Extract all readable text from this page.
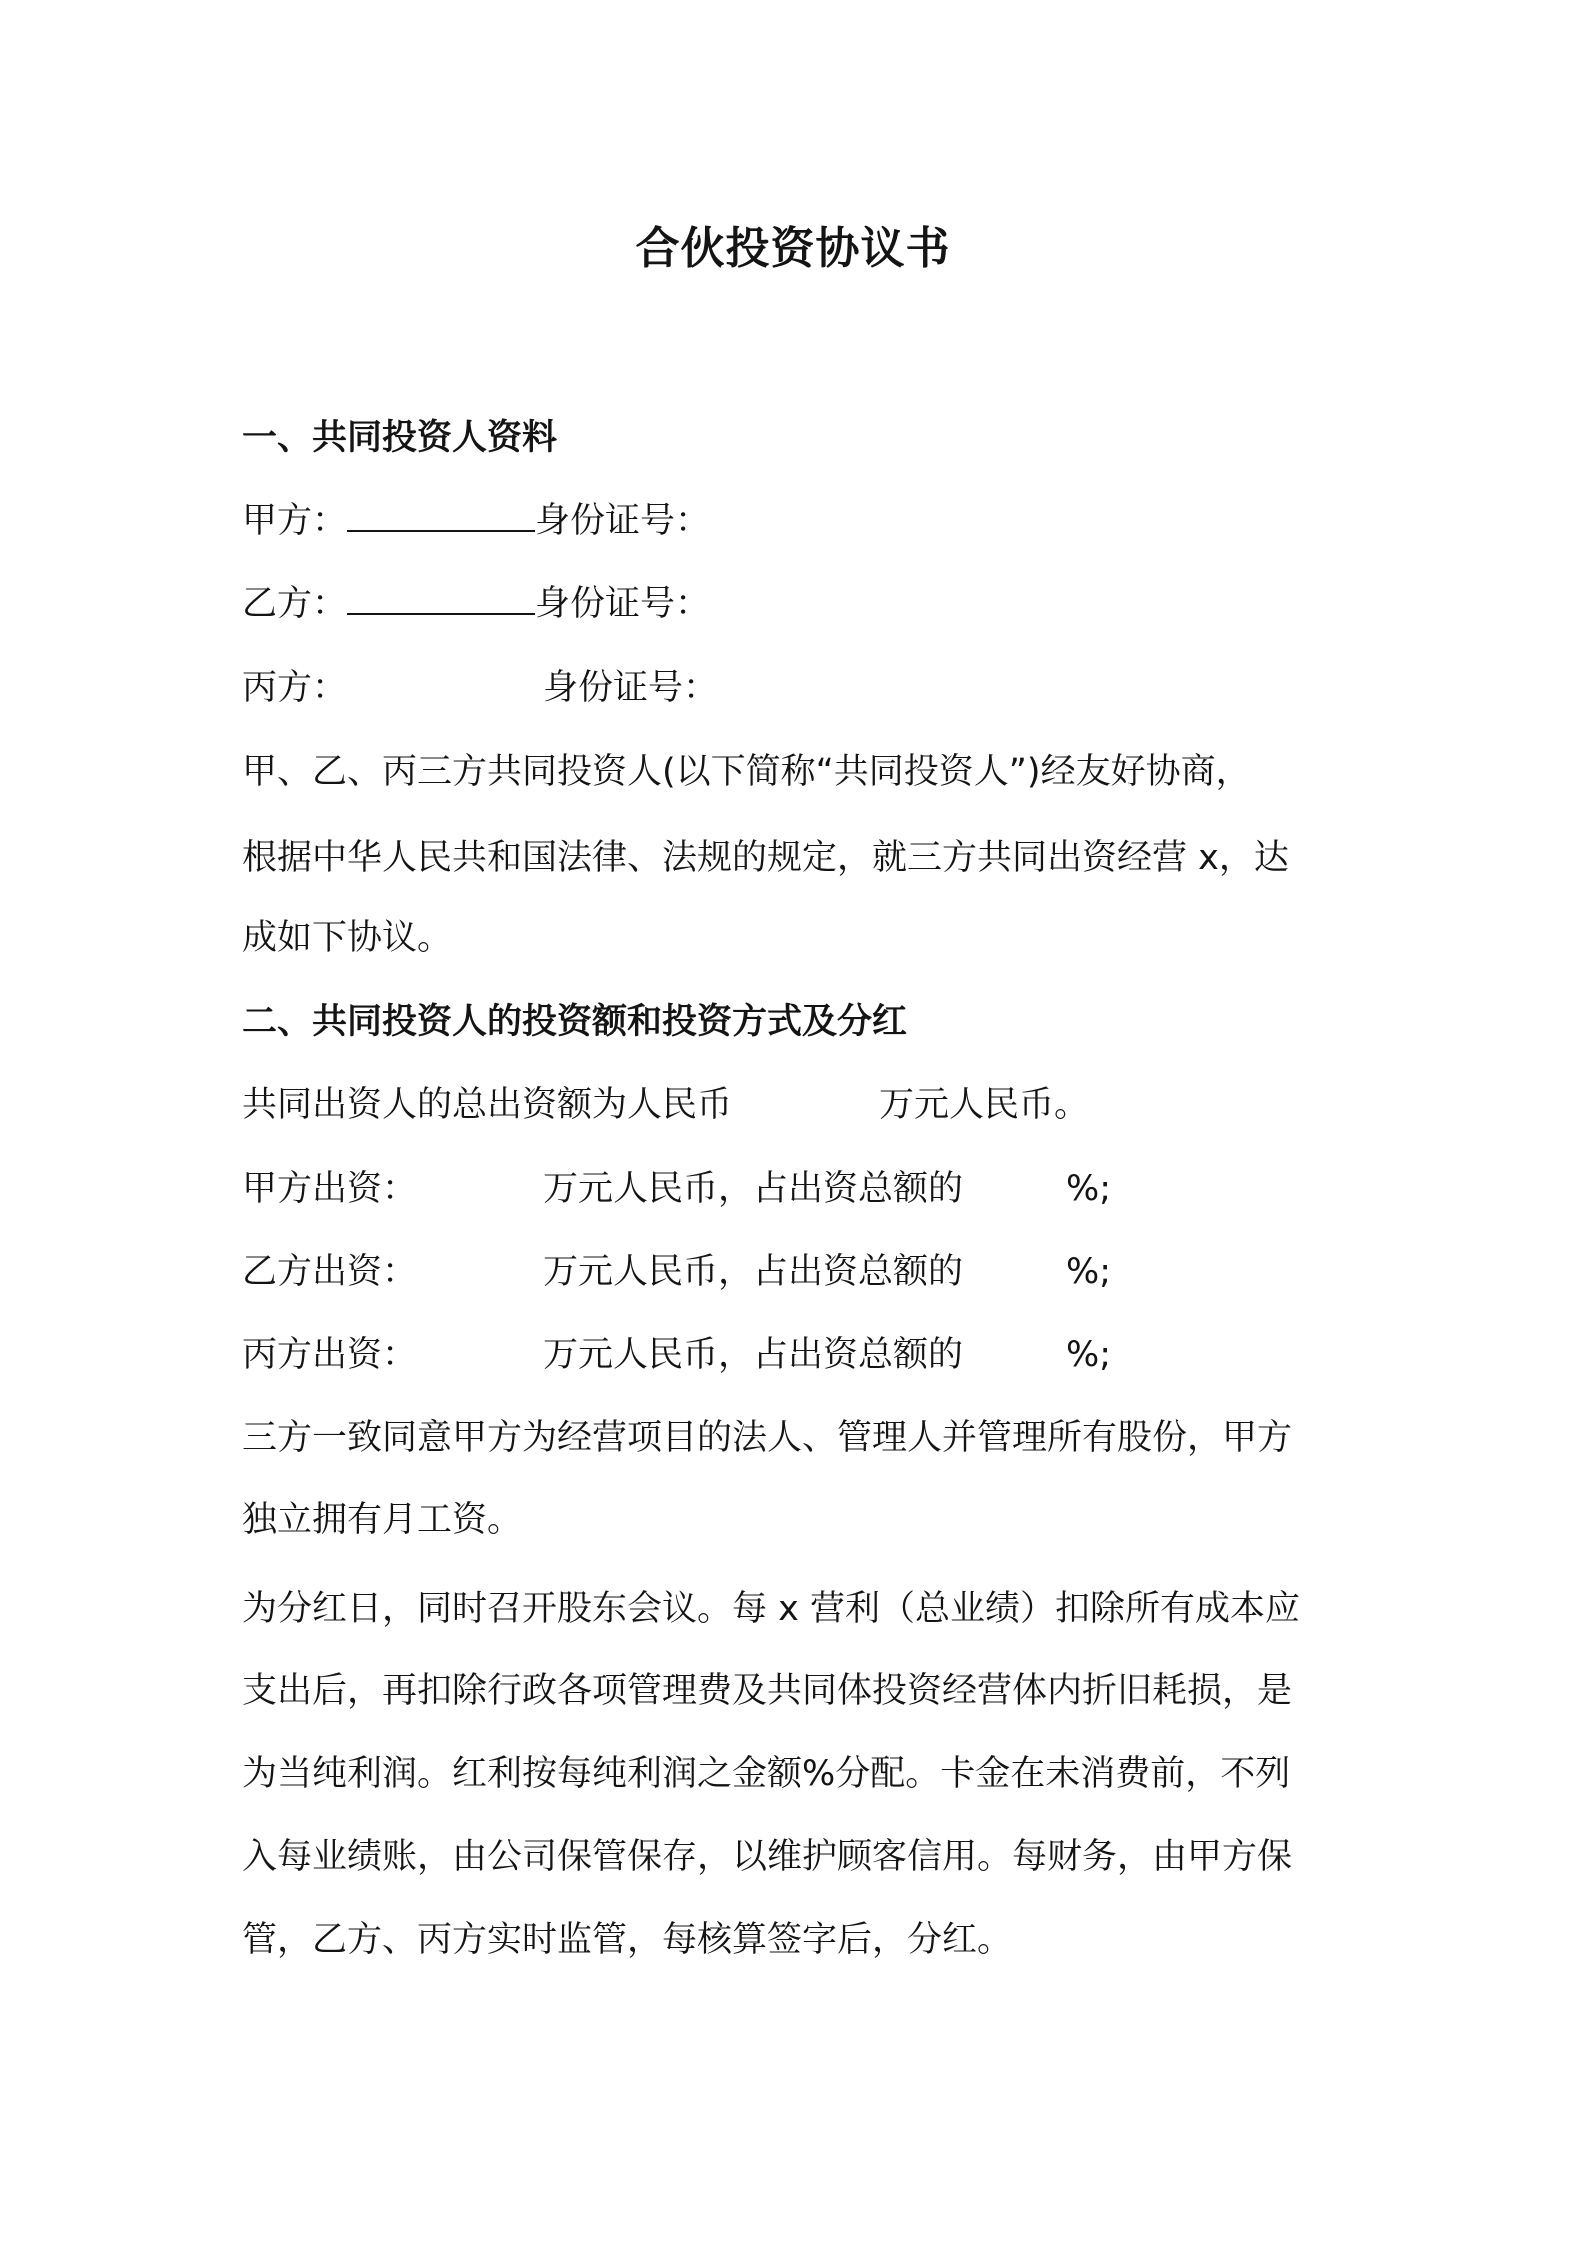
合伙投资协议书
一、共同投资人资料
甲方：	身份证号：
乙方：	身份证号：
丙方：	身份证号：
甲、乙、丙三方共同投资人(以下简称“共同投资人”)经友好协商，
根据中华人民共和国法律、法规的规定，就三方共同出资经营 x，达
成如下协议。
二、共同投资人的投资额和投资方式及分红
共同出资人的总出资额为人民币	万元人民币。
甲方出资：	万元人民币，占出资总额的	%;
乙方出资：	万元人民币，占出资总额的	%;
丙方出资：	万元人民币，占出资总额的	%;
三方一致同意甲方为经营项目的法人、管理人并管理所有股份，甲方
独立拥有月工资。
为分红日，同时召开股东会议。每 x 营利（总业绩）扣除所有成本应
支出后，再扣除行政各项管理费及共同体投资经营体内折旧耗损，是
为当纯利润。红利按每纯利润之金额%分配。卡金在未消费前，不列
入每业绩账，由公司保管保存，以维护顾客信用。每财务，由甲方保
管，乙方、丙方实时监管，每核算签字后，分红。
